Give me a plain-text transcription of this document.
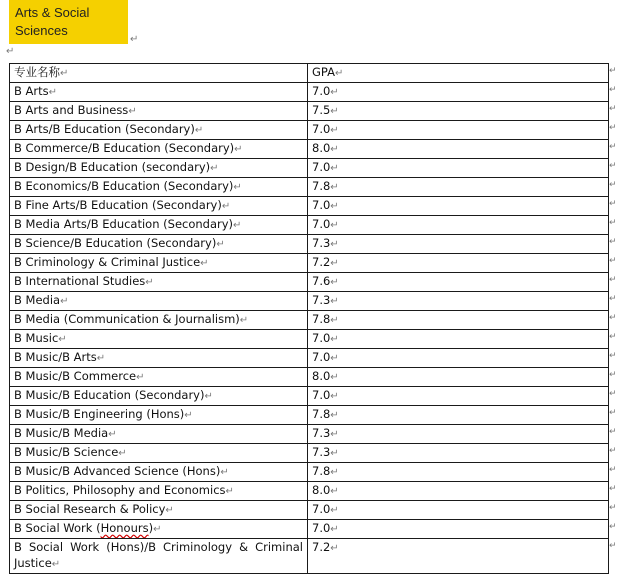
Arts & Social
Sciences
↵
↵
专业名称↵	GPA↵
B Arts↵	7.0↵
B Arts and Business↵	7.5↵
B Arts/B Education (Secondary)↵	7.0↵
B Commerce/B Education (Secondary)↵	8.0↵
B Design/B Education (secondary)↵	7.0↵
B Economics/B Education (Secondary)↵	7.8↵
B Fine Arts/B Education (Secondary)↵	7.0↵
B Media Arts/B Education (Secondary)↵	7.0↵
B Science/B Education (Secondary)↵	7.3↵
B Criminology & Criminal Justice↵	7.2↵
B International Studies↵	7.6↵
B Media↵	7.3↵
B Media (Communication & Journalism)↵	7.8↵
B Music↵	7.0↵
B Music/B Arts↵	7.0↵
B Music/B Commerce↵	8.0↵
B Music/B Education (Secondary)↵	7.0↵
B Music/B Engineering (Hons)↵	7.8↵
B Music/B Media↵	7.3↵
B Music/B Science↵	7.3↵
B Music/B Advanced Science (Hons)↵	7.8↵
B Politics, Philosophy and Economics↵	8.0↵
B Social Research & Policy↵	7.0↵
B Social Work (Honours)↵	7.0↵
B Social Work (Hons)/B Criminology & Criminal Justice↵	7.2↵
↵
↵
↵
↵
↵
↵
↵
↵
↵
↵
↵
↵
↵
↵
↵
↵
↵
↵
↵
↵
↵
↵
↵
↵
↵
↵
